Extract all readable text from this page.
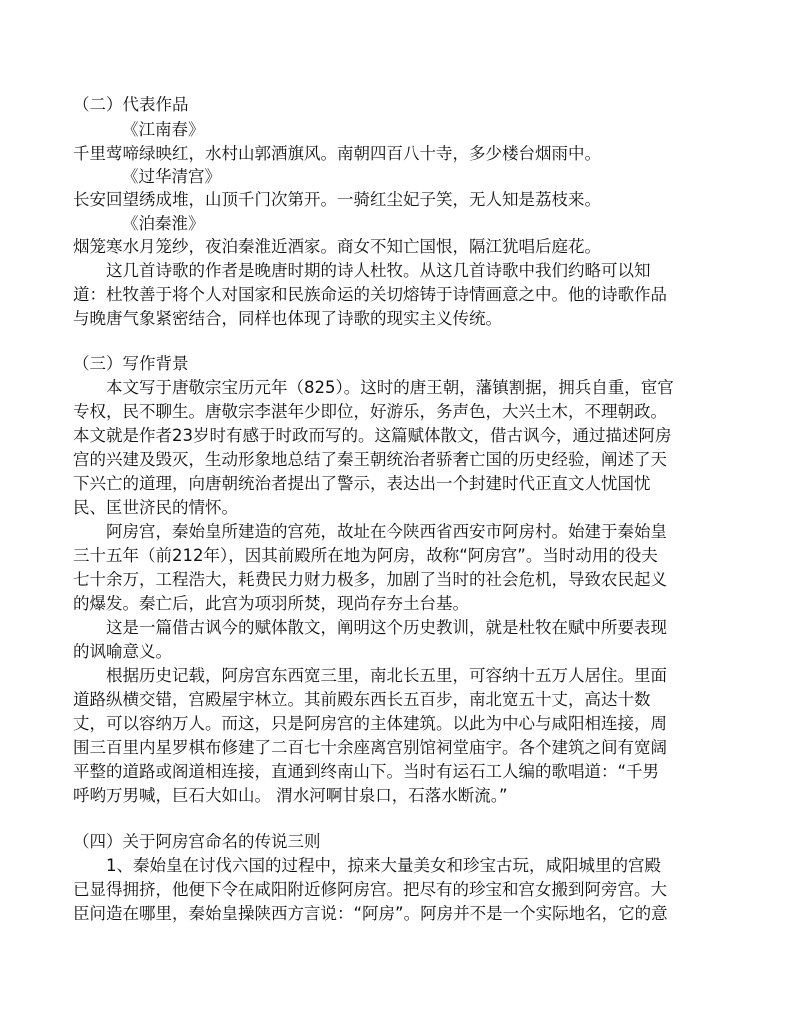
（二）代表作品
《江南春》
千里莺啼绿映红，水村山郭酒旗风。南朝四百八十寺，多少楼台烟雨中。
《过华清宫》
长安回望绣成堆，山顶千门次第开。一骑红尘妃子笑，无人知是荔枝来。
《泊秦淮》
烟笼寒水月笼纱，夜泊秦淮近酒家。商女不知亡国恨，隔江犹唱后庭花。
这几首诗歌的作者是晚唐时期的诗人杜牧。从这几首诗歌中我们约略可以知
道：杜牧善于将个人对国家和民族命运的关切熔铸于诗情画意之中。他的诗歌作品
与晚唐气象紧密结合，同样也体现了诗歌的现实主义传统。
（三）写作背景
本文写于唐敬宗宝历元年（825）。这时的唐王朝，藩镇割据，拥兵自重，宦官
专权，民不聊生。唐敬宗李湛年少即位，好游乐，务声色，大兴土木，不理朝政。
本文就是作者23岁时有感于时政而写的。这篇赋体散文，借古讽今，通过描述阿房
宫的兴建及毁灭，生动形象地总结了秦王朝统治者骄奢亡国的历史经验，阐述了天
下兴亡的道理，向唐朝统治者提出了警示，表达出一个封建时代正直文人忧国忧
民、匡世济民的情怀。
阿房宫，秦始皇所建造的宫苑，故址在今陕西省西安市阿房村。始建于秦始皇
三十五年（前212年），因其前殿所在地为阿房，故称“阿房宫”。当时动用的役夫
七十余万，工程浩大，耗费民力财力极多，加剧了当时的社会危机，导致农民起义
的爆发。秦亡后，此宫为项羽所焚，现尚存夯土台基。
这是一篇借古讽今的赋体散文，阐明这个历史教训，就是杜牧在赋中所要表现
的讽喻意义。
根据历史记载，阿房宫东西宽三里，南北长五里，可容纳十五万人居住。里面
道路纵横交错，宫殿屋宇林立。其前殿东西长五百步，南北宽五十丈，高达十数
丈，可以容纳万人。而这，只是阿房宫的主体建筑。以此为中心与咸阳相连接，周
围三百里内星罗棋布修建了二百七十余座离宫别馆祠堂庙宇。各个建筑之间有宽阔
平整的道路或阁道相连接，直通到终南山下。当时有运石工人编的歌唱道：“千男
呼哟万男喊，巨石大如山。 渭水河啊甘泉口，石落水断流。”
（四）关于阿房宫命名的传说三则
1、秦始皇在讨伐六国的过程中，掠来大量美女和珍宝古玩，咸阳城里的宫殿
已显得拥挤，他便下令在咸阳附近修阿房宫。把尽有的珍宝和宫女搬到阿旁宫。大
臣问造在哪里，秦始皇操陕西方言说：“阿房”。阿房并不是一个实际地名，它的意
